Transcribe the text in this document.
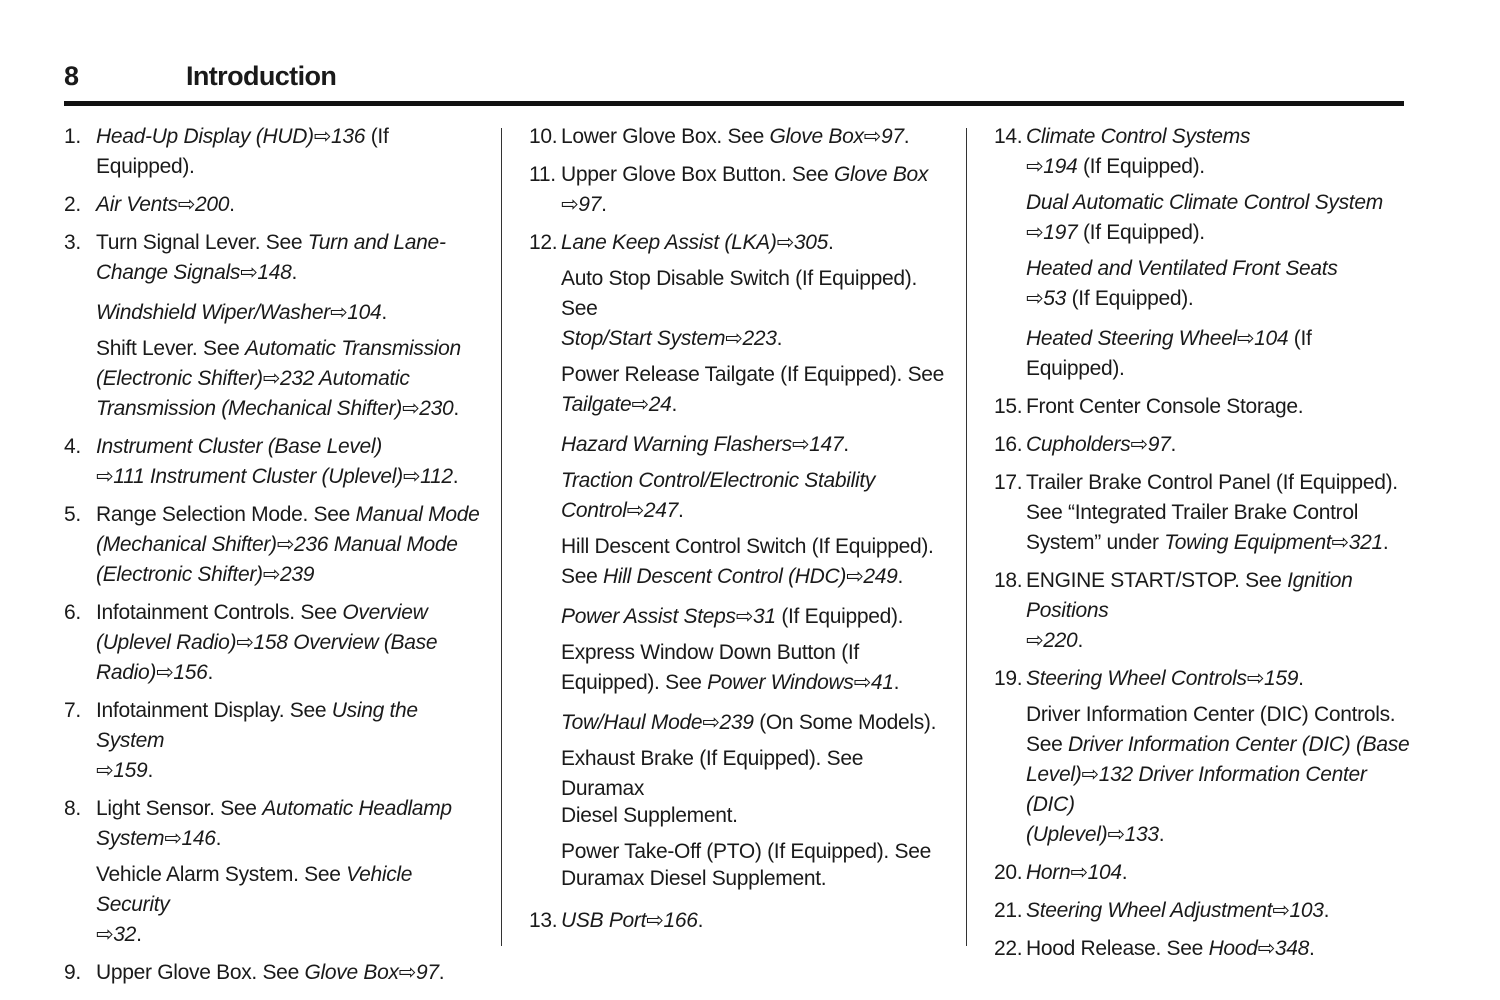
8	Introduction
1. Head-Up Display (HUD)⇨136 (If Equipped).
2. Air Vents⇨200.
3. Turn Signal Lever. See Turn and Lane-
Change Signals⇨148.
Windshield Wiper/Washer⇨104.
Shift Lever. See Automatic Transmission
(Electronic Shifter)⇨232 Automatic
Transmission (Mechanical Shifter)⇨230.
4. Instrument Cluster (Base Level)
⇨111 Instrument Cluster (Uplevel)⇨112.
5. Range Selection Mode. See Manual Mode
(Mechanical Shifter)⇨236 Manual Mode
(Electronic Shifter)⇨239
6. Infotainment Controls. See Overview
(Uplevel Radio)⇨158 Overview (Base
Radio)⇨156.
7. Infotainment Display. See Using the System
⇨159.
8. Light Sensor. See Automatic Headlamp
System⇨146.
Vehicle Alarm System. See Vehicle Security
⇨32.
9. Upper Glove Box. See Glove Box⇨97.
10. Lower Glove Box. See Glove Box⇨97.
11. Upper Glove Box Button. See Glove Box
⇨97.
12. Lane Keep Assist (LKA)⇨305.
Auto Stop Disable Switch (If Equipped). See
Stop/Start System⇨223.
Power Release Tailgate (If Equipped). See
Tailgate⇨24.
Hazard Warning Flashers⇨147.
Traction Control/Electronic Stability
Control⇨247.
Hill Descent Control Switch (If Equipped).
See Hill Descent Control (HDC)⇨249.
Power Assist Steps⇨31 (If Equipped).
Express Window Down Button (If
Equipped). See Power Windows⇨41.
Tow/Haul Mode⇨239 (On Some Models).
Exhaust Brake (If Equipped). See Duramax
Diesel Supplement.
Power Take-Off (PTO) (If Equipped). See
Duramax Diesel Supplement.
13. USB Port⇨166.
14. Climate Control Systems
⇨194 (If Equipped).
Dual Automatic Climate Control System
⇨197 (If Equipped).
Heated and Ventilated Front Seats
⇨53 (If Equipped).
Heated Steering Wheel⇨104 (If Equipped).
15. Front Center Console Storage.
16. Cupholders⇨97.
17. Trailer Brake Control Panel (If Equipped).
See “Integrated Trailer Brake Control
System” under Towing Equipment⇨321.
18. ENGINE START/STOP. See Ignition Positions
⇨220.
19. Steering Wheel Controls⇨159.
Driver Information Center (DIC) Controls.
See Driver Information Center (DIC) (Base
Level)⇨132 Driver Information Center (DIC)
(Uplevel)⇨133.
20. Horn⇨104.
21. Steering Wheel Adjustment⇨103.
22. Hood Release. See Hood⇨348.
